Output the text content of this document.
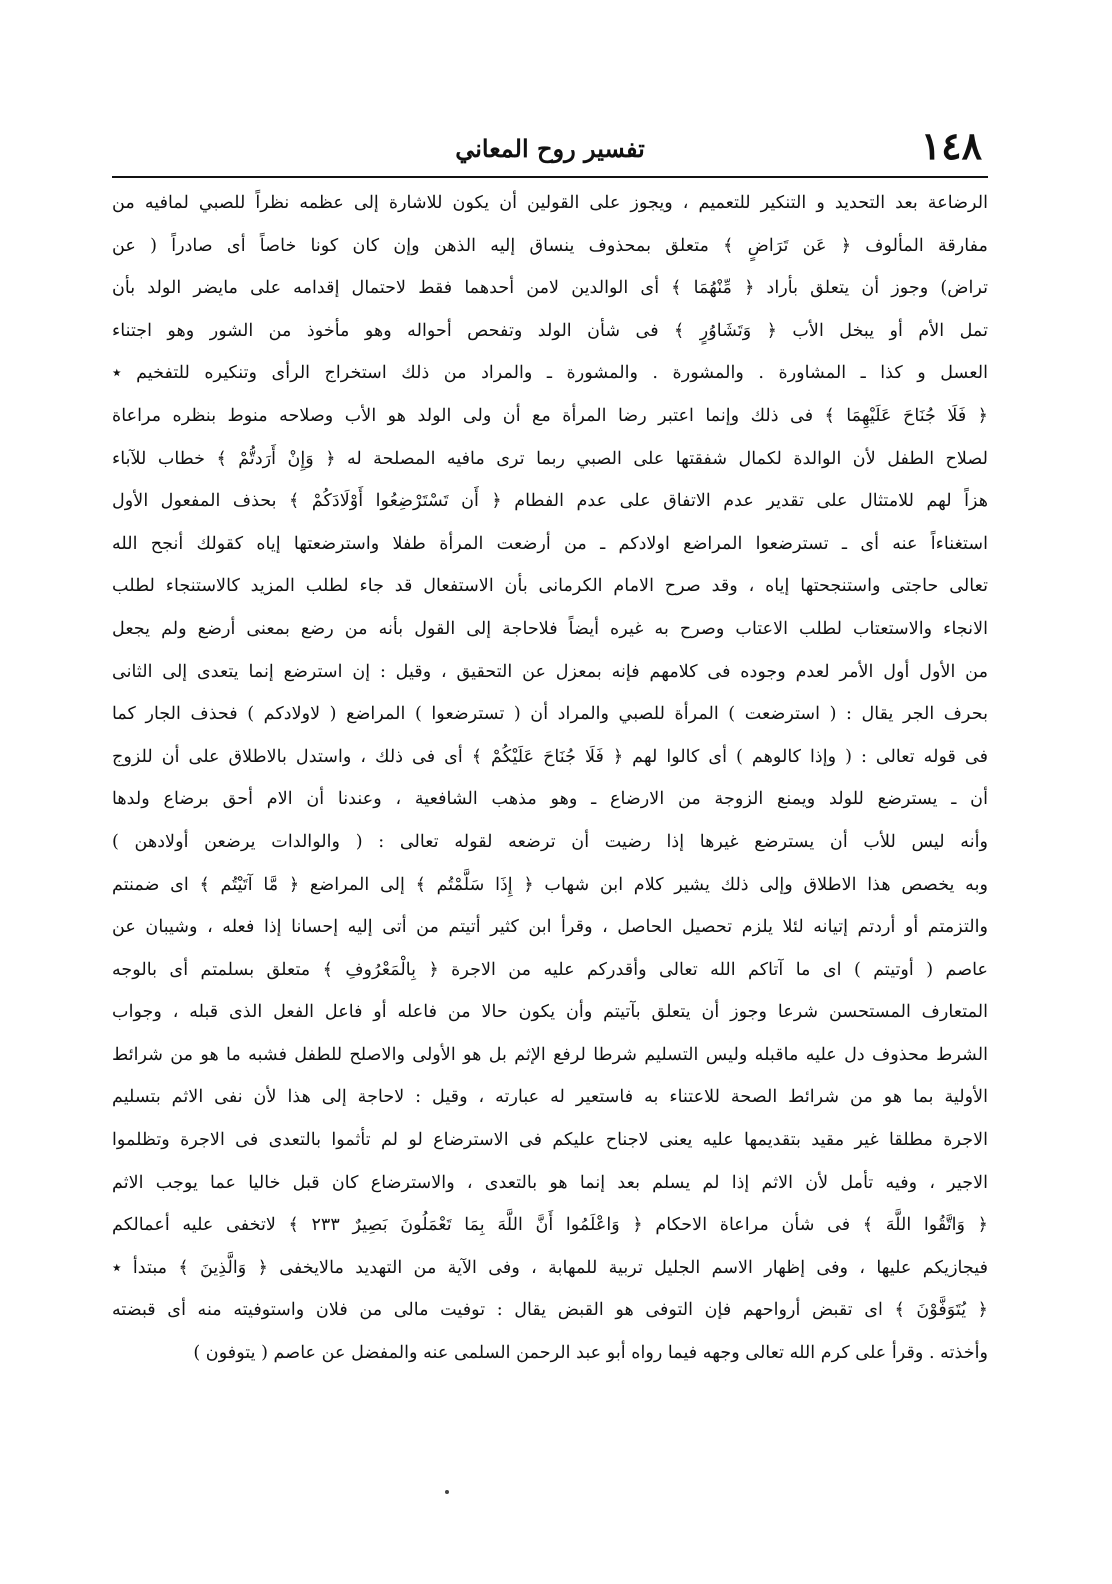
١٤٨
تفسير روح المعاني
الرضاعة بعد التحديد و التنكير للتعميم ، ويجوز على القولين أن يكون للاشارة إلى عظمه نظراً للصبي لمافيه من
مفارقة المألوف ﴿ عَن تَرَاضٍ ﴾ متعلق بمحذوف ينساق إليه الذهن وإن كان كونا خاصاً أى صادراً ( عن
تراض) وجوز أن يتعلق بأراد ﴿ مِّنْهُمَا ﴾ أى الوالدين لامن أحدهما فقط لاحتمال إقدامه على مايضر الولد بأن
تمل الأم أو يبخل الأب ﴿ وَتَشَاوُرٍ ﴾ فى شأن الولد وتفحص أحواله وهو مأخوذ من الشور وهو اجتناء
العسل و كذا ـ المشاورة . والمشورة . والمشورة ـ والمراد من ذلك استخراج الرأى وتنكيره للتفخيم ٭
﴿ فَلَا جُنَاحَ عَلَيْهِمَا ﴾ فى ذلك وإنما اعتبر رضا المرأة مع أن ولى الولد هو الأب وصلاحه منوط بنظره مراعاة
لصلاح الطفل لأن الوالدة لكمال شفقتها على الصبي ربما ترى مافيه المصلحة له ﴿ وَإِنْ أَرَدتُّمْ ﴾ خطاب للآباء
هزاً لهم للامتثال على تقدير عدم الاتفاق على عدم الفطام ﴿ أَن تَسْتَرْضِعُوا أَوْلَادَكُمْ ﴾ بحذف المفعول الأول
استغناءاً عنه أى ـ تسترضعوا المراضع اولادكم ـ من أرضعت المرأة طفلا واسترضعتها إياه كقولك أنجح الله
تعالى حاجتى واستنجحتها إياه ، وقد صرح الامام الكرمانى بأن الاستفعال قد جاء لطلب المزيد كالاستنجاء لطلب
الانجاء والاستعتاب لطلب الاعتاب وصرح به غيره أيضاً فلاحاجة إلى القول بأنه من رضع بمعنى أرضع ولم يجعل
من الأول أول الأمر لعدم وجوده فى كلامهم فإنه بمعزل عن التحقيق ، وقيل : إن استرضع إنما يتعدى إلى الثانى
بحرف الجر يقال : ( استرضعت ) المرأة للصبي والمراد أن ( تسترضعوا ) المراضع ( لاولادكم ) فحذف الجار كما
فى قوله تعالى : ( وإذا كالوهم ) أى كالوا لهم ﴿ فَلَا جُنَاحَ عَلَيْكُمْ ﴾ أى فى ذلك ، واستدل بالاطلاق على أن للزوج
أن ـ يسترضع للولد ويمنع الزوجة من الارضاع ـ وهو مذهب الشافعية ، وعندنا أن الام أحق برضاع ولدها
وأنه ليس للأب أن يسترضع غيرها إذا رضيت أن ترضعه لقوله تعالى : ( والوالدات يرضعن أولادهن )
وبه يخصص هذا الاطلاق وإلى ذلك يشير كلام ابن شهاب ﴿ إِذَا سَلَّمْتُم ﴾ إلى المراضع ﴿ مَّا آتَيْتُم ﴾ اى ضمنتم
والتزمتم أو أردتم إتيانه لئلا يلزم تحصيل الحاصل ، وقرأ ابن كثير أتيتم من أتى إليه إحسانا إذا فعله ، وشيبان عن
عاصم ( أوتيتم ) اى ما آتاكم الله تعالى وأقدركم عليه من الاجرة ﴿ بِالْمَعْرُوفِ ﴾ متعلق بسلمتم أى بالوجه
المتعارف المستحسن شرعا وجوز أن يتعلق بآتيتم وأن يكون حالا من فاعله أو فاعل الفعل الذى قبله ، وجواب
الشرط محذوف دل عليه ماقبله وليس التسليم شرطا لرفع الإثم بل هو الأولى والاصلح للطفل فشبه ما هو من شرائط
الأولية بما هو من شرائط الصحة للاعتناء به فاستعير له عبارته ، وقيل : لاحاجة إلى هذا لأن نفى الاثم بتسليم
الاجرة مطلقا غير مقيد بتقديمها عليه يعنى لاجناح عليكم فى الاسترضاع لو لم تأثموا بالتعدى فى الاجرة وتظلموا
الاجير ، وفيه تأمل لأن الاثم إذا لم يسلم بعد إنما هو بالتعدى ، والاسترضاع كان قبل خاليا عما يوجب الاثم
﴿ وَاتَّقُوا اللَّهَ ﴾ فى شأن مراعاة الاحكام ﴿ وَاعْلَمُوا أَنَّ اللَّهَ بِمَا تَعْمَلُونَ بَصِيرٌ ٢٣٣ ﴾ لاتخفى عليه أعمالكم
فيجازيكم عليها ، وفى إظهار الاسم الجليل تربية للمهابة ، وفى الآية من التهديد مالايخفى ﴿ وَالَّذِينَ ﴾ مبتدأ ٭
﴿ يُتَوَفَّوْنَ ﴾ اى تقبض أرواحهم فإن التوفى هو القبض يقال : توفيت مالى من فلان واستوفيته منه أى قبضته
وأخذته . وقرأ على كرم الله تعالى وجهه فيما رواه أبو عبد الرحمن السلمى عنه والمفضل عن عاصم ( يتوفون )
